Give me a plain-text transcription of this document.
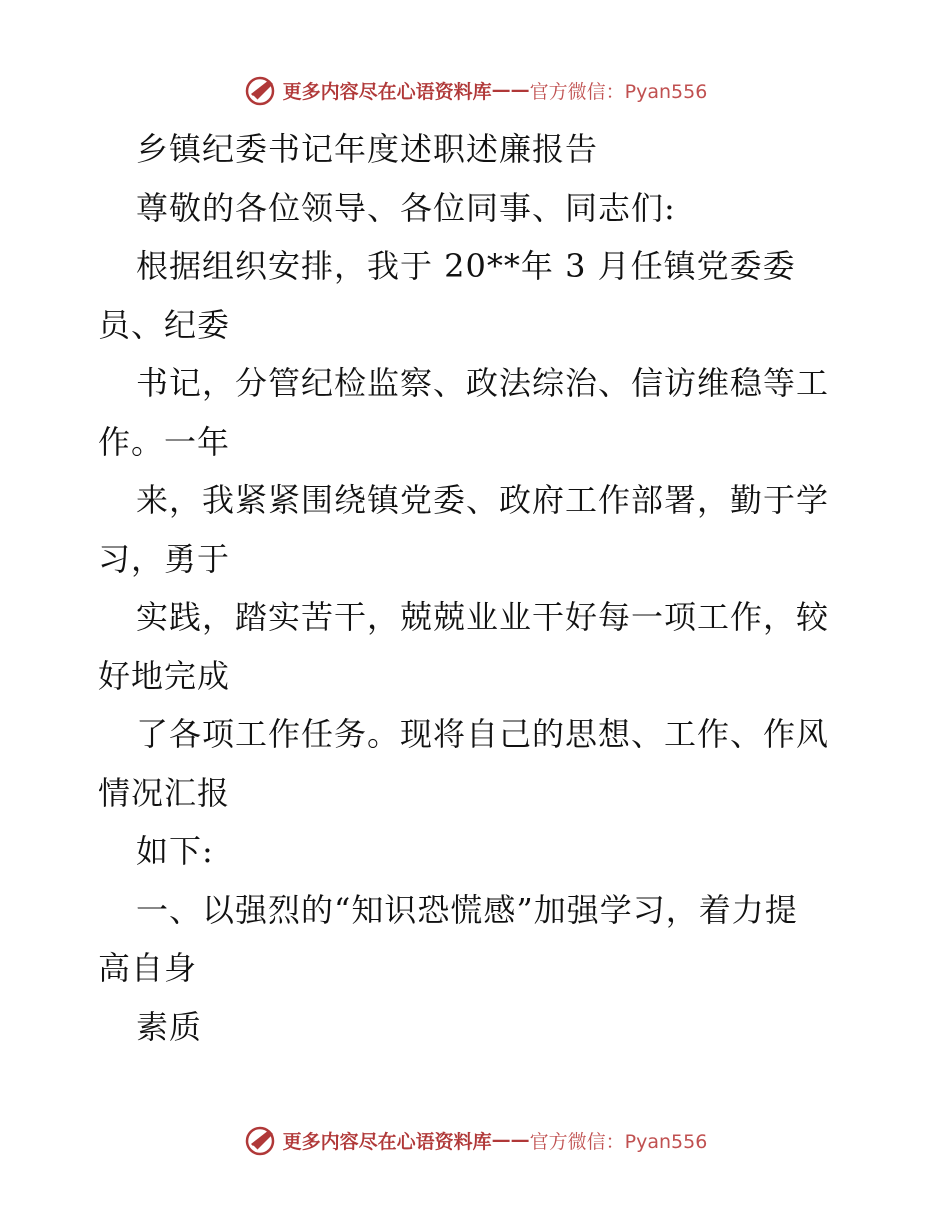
更多内容尽在心语资料库 —— 官方微信：Pyan556
乡镇纪委书记年度述职述廉报告
尊敬的各位领导、各位同事、同志们:
根据组织安排，我于 20**年 3 月任镇党委委
员、纪委
书记，分管纪检监察、政法综治、信访维稳等工
作。一年
来，我紧紧围绕镇党委、政府工作部署，勤于学
习，勇于
实践，踏实苦干，兢兢业业干好每一项工作，较
好地完成
了各项工作任务。现将自己的思想、工作、作风
情况汇报
如下:
一、以强烈的“知识恐慌感”加强学习，着力提
高自身
素质
更多内容尽在心语资料库 —— 官方微信：Pyan556
